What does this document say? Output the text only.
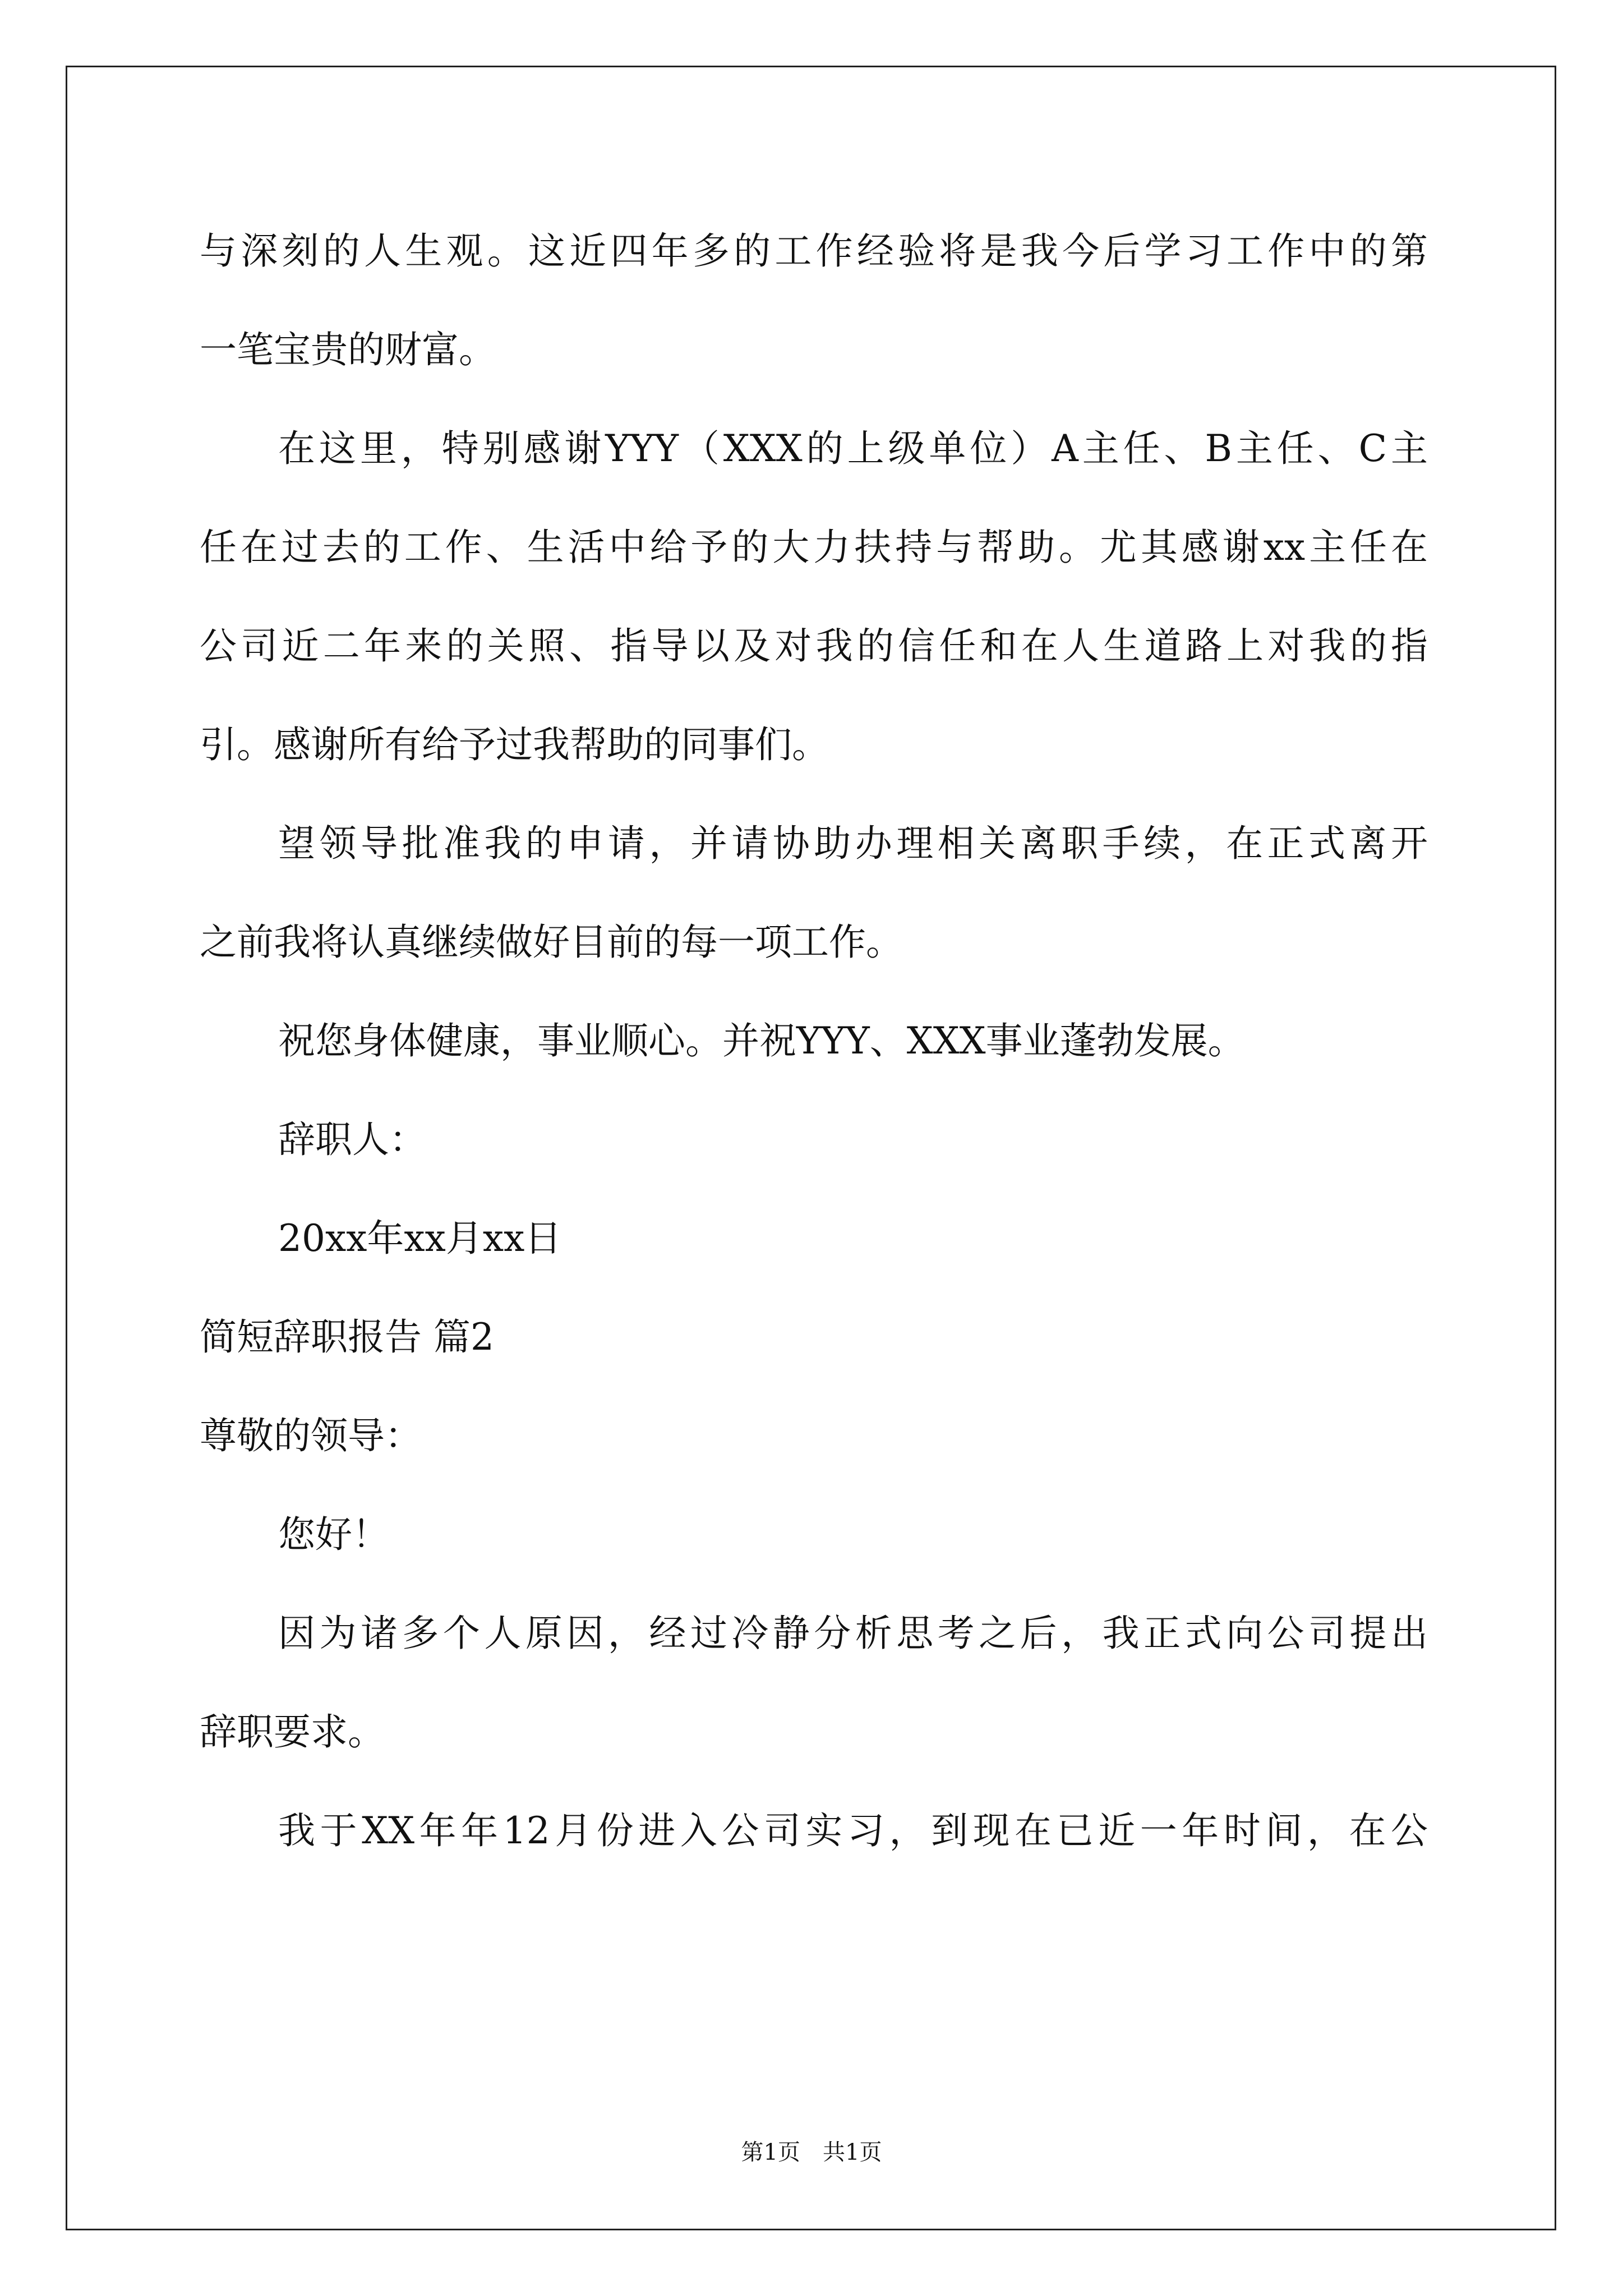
与深刻的人生观。这近四年多的工作经验将是我今后学习工作中的第
一笔宝贵的财富。
在这里，特别感谢YYY（XXX的上级单位）A主任、B主任、C主
任在过去的工作、生活中给予的大力扶持与帮助。尤其感谢xx主任在
公司近二年来的关照、指导以及对我的信任和在人生道路上对我的指
引。感谢所有给予过我帮助的同事们。
望领导批准我的申请，并请协助办理相关离职手续，在正式离开
之前我将认真继续做好目前的每一项工作。
祝您身体健康，事业顺心。并祝YYY、XXX事业蓬勃发展。
辞职人：
20xx年xx月xx日
简短辞职报告 篇2
尊敬的领导：
您好！
因为诸多个人原因，经过冷静分析思考之后，我正式向公司提出
辞职要求。
我于XX年年12月份进入公司实习，到现在已近一年时间，在公
第1页　共1页
